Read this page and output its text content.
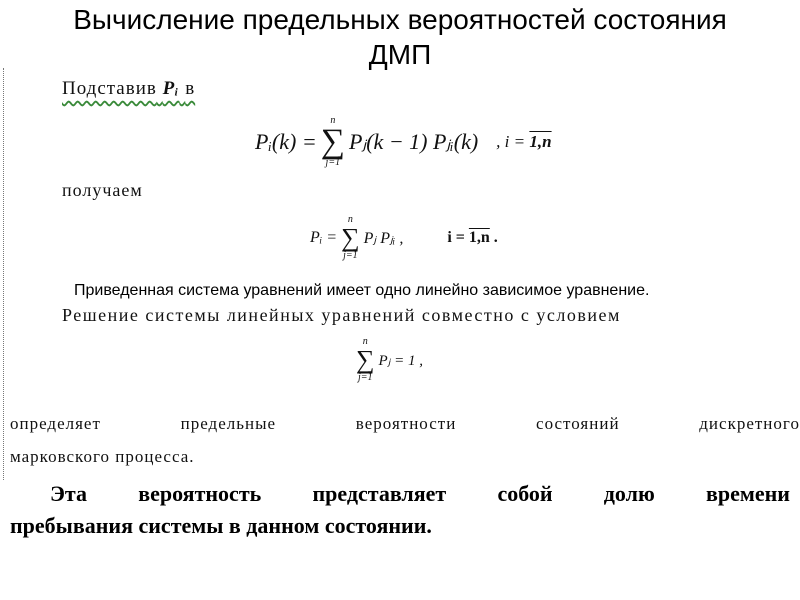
Вычисление предельных вероятностей состояния
ДМП
Подставив Pᵢ в
Pᵢ(k) =
n
∑
j=1
Pⱼ(k − 1) Pⱼᵢ(k) , i = 1,n
получаем
Pᵢ =
n
∑
j=1
Pⱼ Pⱼᵢ ,	i = 1,n .
Приведенная система уравнений имеет одно линейно зависимое уравнение.
Решение системы линейных уравнений совместно с условием
n
∑
j=1
Pⱼ = 1 ,
определяет	предельные	вероятности	состояний	дискретного
марковского процесса.
Эта вероятность представляет собой долю времени
пребывания системы в данном состоянии.
